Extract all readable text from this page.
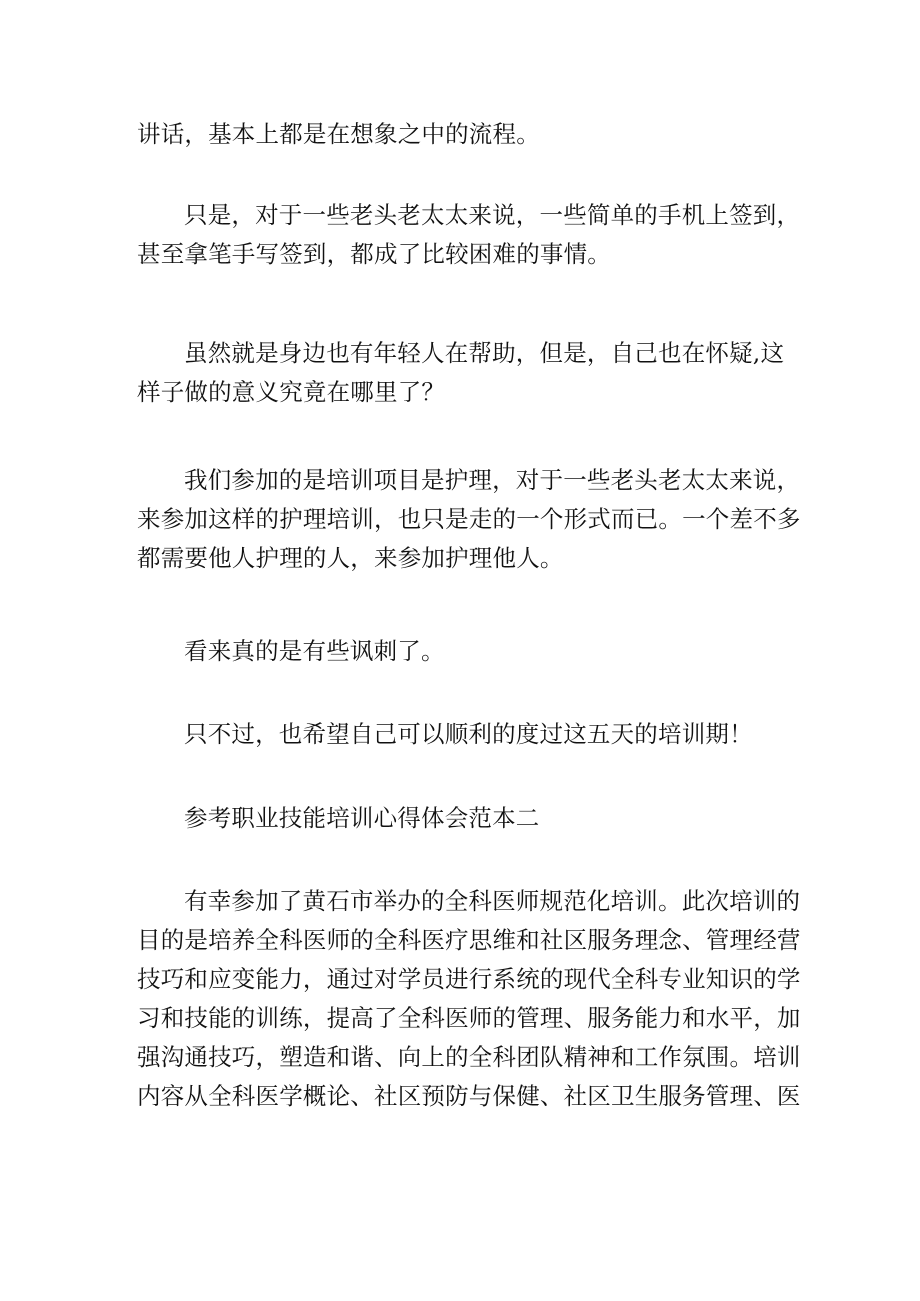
讲话，基本上都是在想象之中的流程。

只是，对于一些老头老太太来说，一些简单的手机上签到，
甚至拿笔手写签到，都成了比较困难的事情。

虽然就是身边也有年轻人在帮助，但是，自己也在怀疑,这
样子做的意义究竟在哪里了？

我们参加的是培训项目是护理，对于一些老头老太太来说，
来参加这样的护理培训，也只是走的一个形式而已。一个差不多
都需要他人护理的人，来参加护理他人。

看来真的是有些讽刺了。

只不过，也希望自己可以顺利的度过这五天的培训期！

参考职业技能培训心得体会范本二

有幸参加了黄石市举办的全科医师规范化培训。此次培训的
目的是培养全科医师的全科医疗思维和社区服务理念、管理经营
技巧和应变能力，通过对学员进行系统的现代全科专业知识的学
习和技能的训练，提高了全科医师的管理、服务能力和水平，加
强沟通技巧，塑造和谐、向上的全科团队精神和工作氛围。培训
内容从全科医学概论、社区预防与保健、社区卫生服务管理、医
